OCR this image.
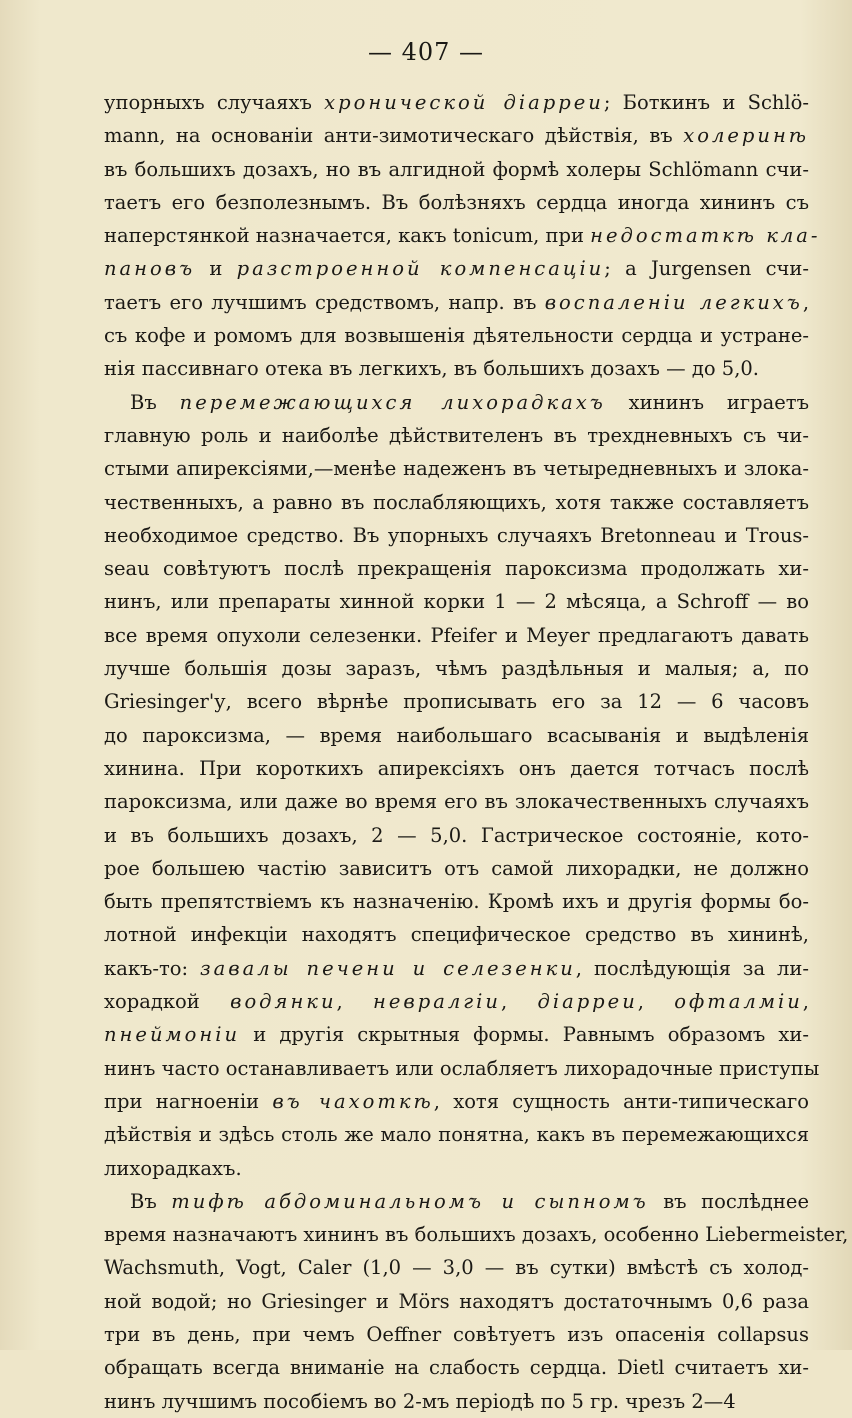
— 407 —
упорныхъ случаяхъ хронической діарреи; Боткинъ и Schlö-
mann, на основаніи анти-зимотическаго дѣйствія, въ холеринѣ
въ большихъ дозахъ, но въ алгидной формѣ холеры Schlömann счи-
таетъ его безполезнымъ. Въ болѣзняхъ сердца иногда хининъ съ
наперстянкой назначается, какъ tonicum, при недостаткѣ кла-
пановъ и разстроенной компенсаціи; а Jurgensen счи-
таетъ его лучшимъ средствомъ, напр. въ воспаленіи легкихъ,
съ кофе и ромомъ для возвышенія дѣятельности сердца и устране-
нія пассивнаго отека въ легкихъ, въ большихъ дозахъ — до 5,0.
Въ перемежающихся лихорадкахъ хининъ играетъ
главную роль и наиболѣе дѣйствителенъ въ трехдневныхъ съ чи-
стыми апирексіями,—менѣе надеженъ въ четыредневныхъ и злока-
чественныхъ, а равно въ послабляющихъ, хотя также составляетъ
необходимое средство. Въ упорныхъ случаяхъ Bretonneau и Trous-
seau совѣтуютъ послѣ прекращенія пароксизма продолжать хи-
нинъ, или препараты хинной корки 1 — 2 мѣсяца, а Schroff — во
все время опухоли селезенки. Pfeifer и Meyer предлагаютъ давать
лучше большія дозы заразъ, чѣмъ раздѣльныя и малыя; а, по
Griesinger'у, всего вѣрнѣе прописывать его за 12 — 6 часовъ
до пароксизма, — время наибольшаго всасыванія и выдѣленія
хинина. При короткихъ апирексіяхъ онъ дается тотчасъ послѣ
пароксизма, или даже во время его въ злокачественныхъ случаяхъ
и въ большихъ дозахъ, 2 — 5,0. Гастрическое состояніе, кото-
рое большею частію зависитъ отъ самой лихорадки, не должно
быть препятствіемъ къ назначенію. Кромѣ ихъ и другія формы бо-
лотной инфекціи находятъ специфическое средство въ хининѣ,
какъ-то: завалы печени и селезенки, послѣдующія за ли-
хорадкой водянки, невралгіи, діарреи, офталміи,
пнеймоніи и другія скрытныя формы. Равнымъ образомъ хи-
нинъ часто останавливаетъ или ослабляетъ лихорадочные приступы
при нагноеніи въ чахоткѣ, хотя сущность анти-типическаго
дѣйствія и здѣсь столь же мало понятна, какъ въ перемежающихся
лихорадкахъ.
Въ тифѣ абдоминальномъ и сыпномъ въ послѣднее
время назначаютъ хининъ въ большихъ дозахъ, особенно Liebermeister,
Wachsmuth, Vogt, Caler (1,0 — 3,0 — въ сутки) вмѣстѣ съ холод-
ной водой; но Griesinger и Mörs находятъ достаточнымъ 0,6 раза
три въ день, при чемъ Oeffner совѣтуетъ изъ опасенія collapsus
обращать всегда вниманіе на слабость сердца. Dietl считаетъ хи-
нинъ лучшимъ пособіемъ во 2-мъ періодѣ по 5 гр. чрезъ 2—4
